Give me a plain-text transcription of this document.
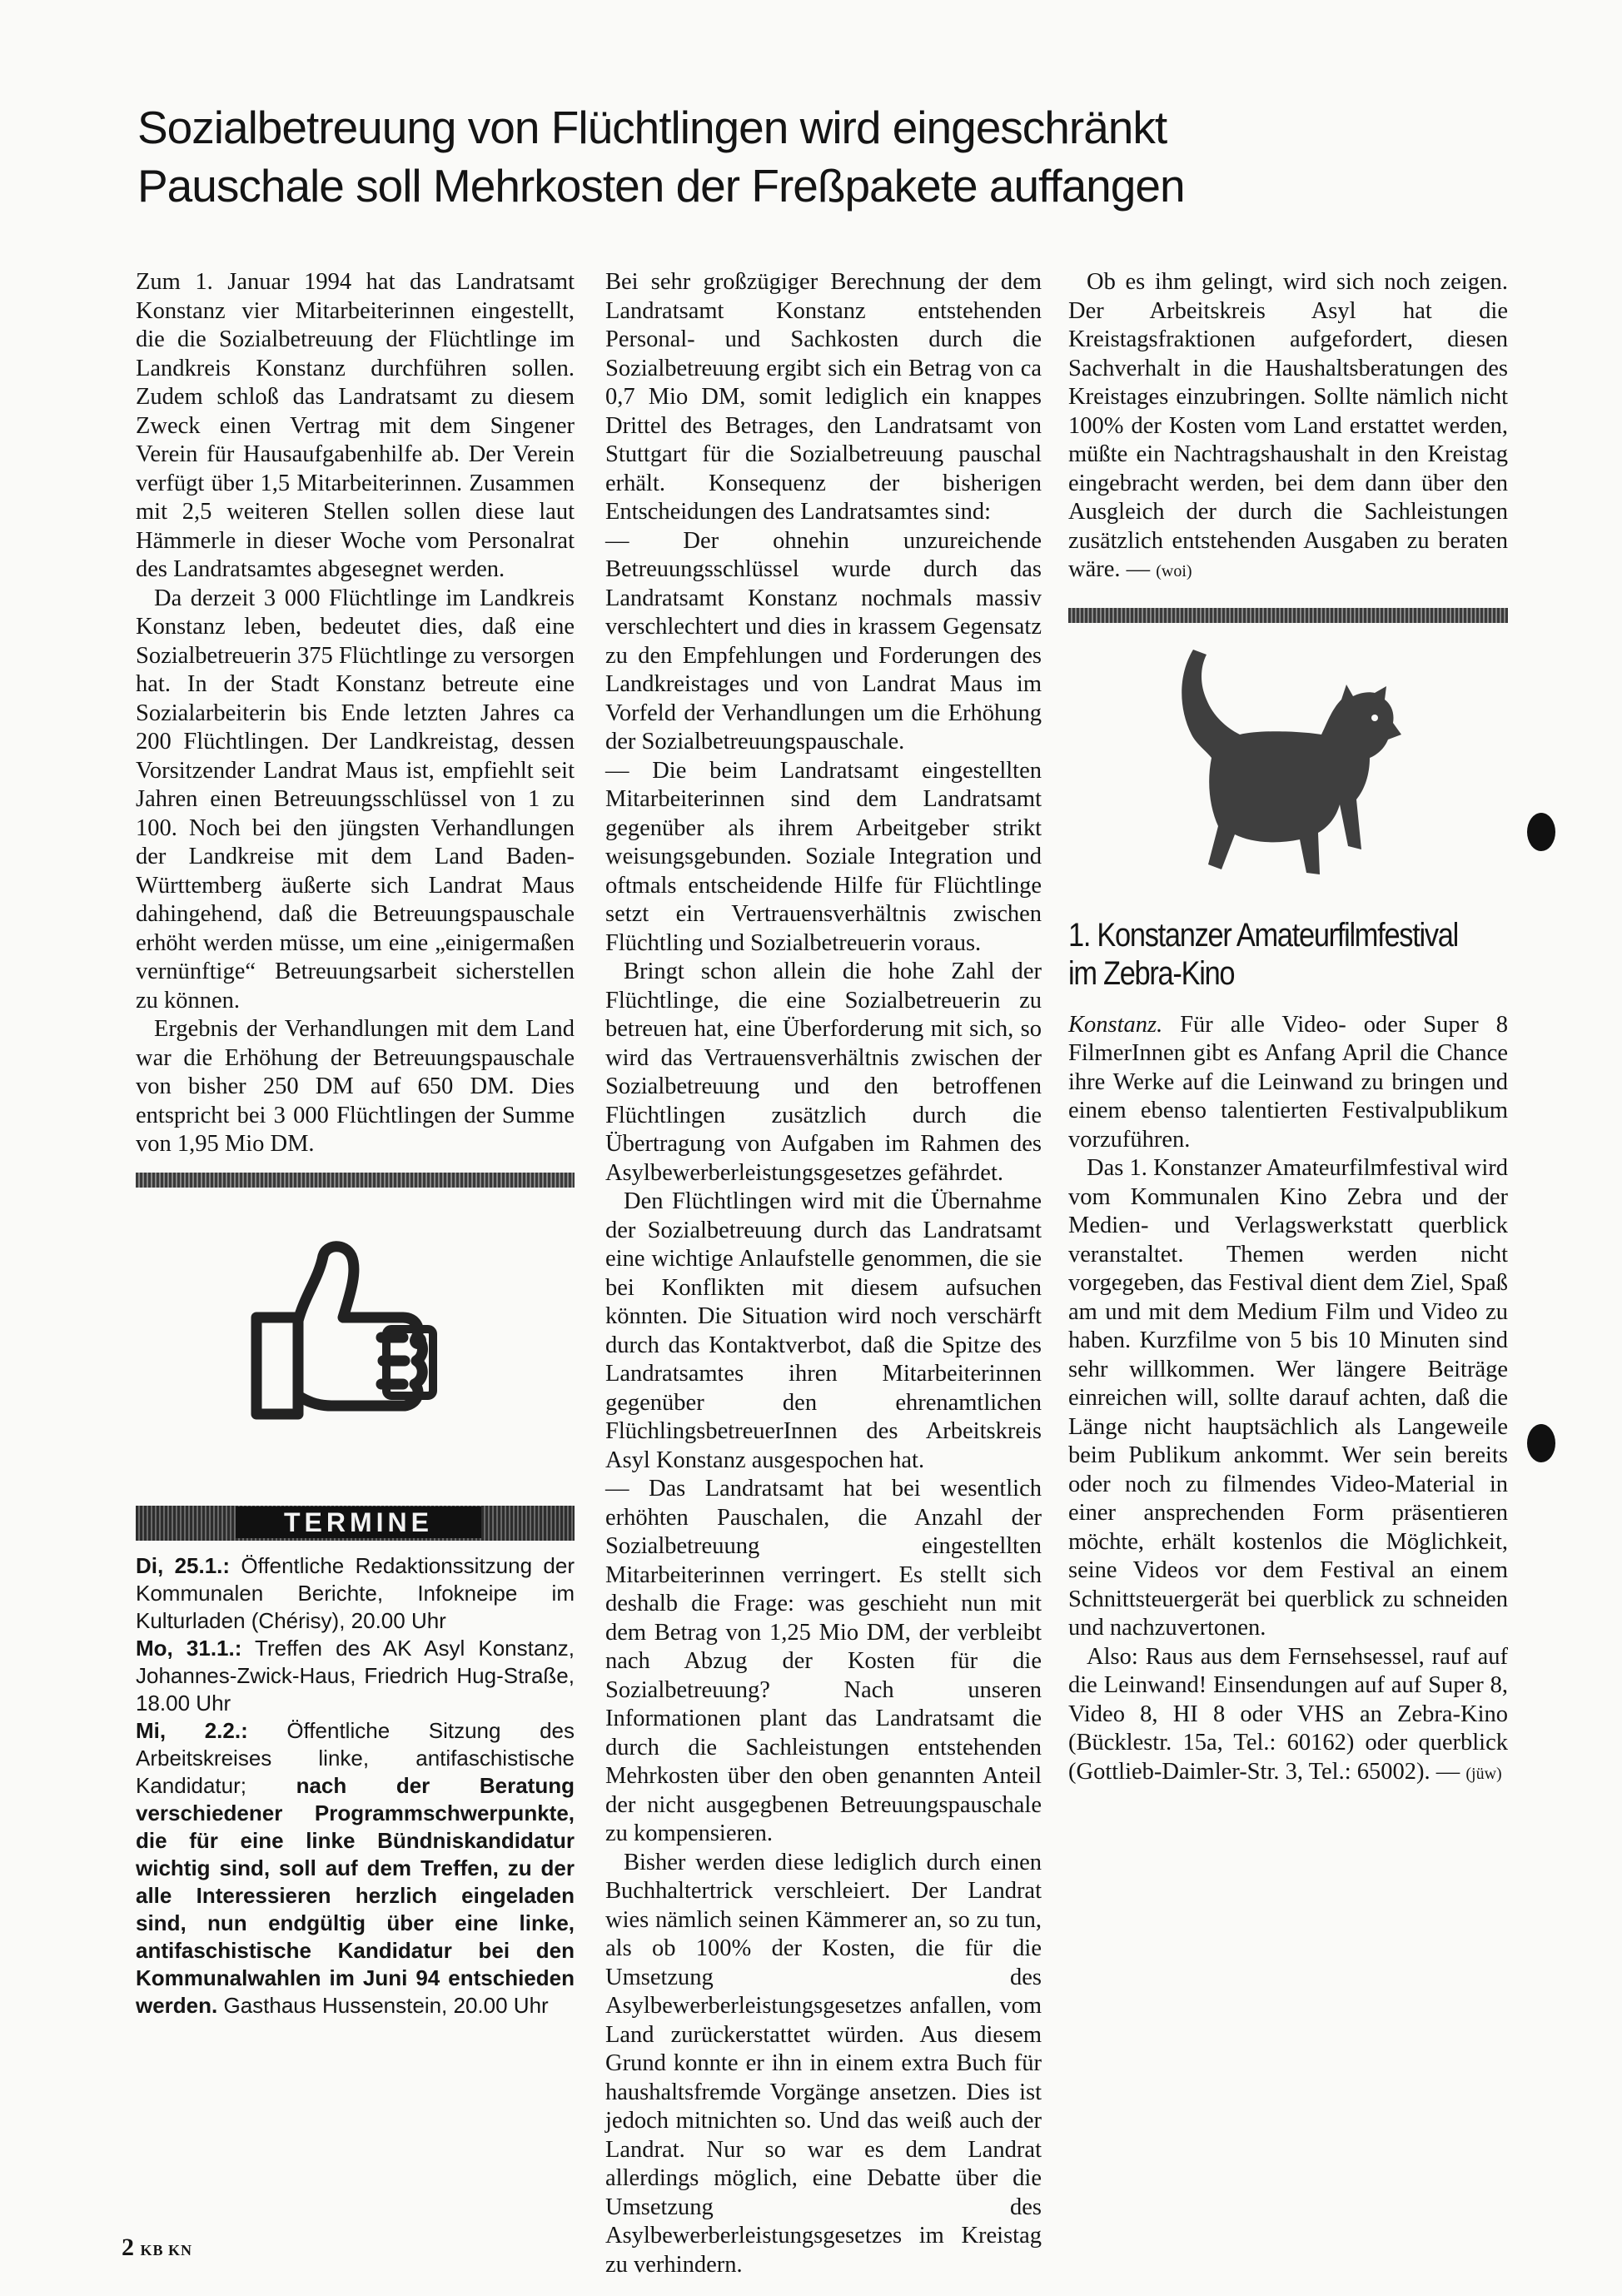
Sozialbetreuung von Flüchtlingen wird eingeschränkt
Pauschale soll Mehrkosten der Freßpakete auffangen

Zum 1. Januar 1994 hat das Landratsamt Konstanz vier Mitarbeiterinnen eingestellt, die die Sozialbetreuung der Flüchtlinge im Landkreis Konstanz durchführen sollen. Zudem schloß das Landratsamt zu diesem Zweck einen Vertrag mit dem Singener Verein für Hausaufgabenhilfe ab. Der Verein verfügt über 1,5 Mitarbeiterinnen. Zusammen mit 2,5 weiteren Stellen sollen diese laut Hämmerle in dieser Woche vom Personalrat des Landratsamtes abgesegnet werden.

Da derzeit 3 000 Flüchtlinge im Landkreis Konstanz leben, bedeutet dies, daß eine Sozialbetreuerin 375 Flüchtlinge zu versorgen hat. In der Stadt Konstanz betreute eine Sozialarbeiterin bis Ende letzten Jahres ca 200 Flüchtlingen. Der Landkreistag, dessen Vorsitzender Landrat Maus ist, empfiehlt seit Jahren einen Betreuungsschlüssel von 1 zu 100. Noch bei den jüngsten Verhandlungen der Landkreise mit dem Land Baden-Württemberg äußerte sich Landrat Maus dahingehend, daß die Betreuungspauschale erhöht werden müsse, um eine „einigermaßen vernünftige“ Betreuungsarbeit sicherstellen zu können.

Ergebnis der Verhandlungen mit dem Land war die Erhöhung der Betreuungspauschale von bisher 250 DM auf 650 DM. Dies entspricht bei 3 000 Flüchtlingen der Summe von 1,95 Mio DM.

TERMINE

Di, 25.1.: Öffentliche Redaktionssitzung der Kommunalen Berichte, Infokneipe im Kulturladen (Chérisy), 20.00 Uhr

Mo, 31.1.: Treffen des AK Asyl Konstanz, Johannes-Zwick-Haus, Friedrich Hug-Straße, 18.00 Uhr

Mi, 2.2.: Öffentliche Sitzung des Arbeitskreises linke, antifaschistische Kandidatur; nach der Beratung verschiedener Programmschwerpunkte, die für eine linke Bündniskandidatur wichtig sind, soll auf dem Treffen, zu der alle Interessieren herzlich eingeladen sind, nun endgültig über eine linke, antifaschistische Kandidatur bei den Kommunalwahlen im Juni 94 entschieden werden. Gasthaus Hussenstein, 20.00 Uhr

Bei sehr großzügiger Berechnung der dem Landratsamt Konstanz entstehenden Personal- und Sachkosten durch die Sozialbetreuung ergibt sich ein Betrag von ca 0,7 Mio DM, somit lediglich ein knappes Drittel des Betrages, den Landratsamt von Stuttgart für die Sozialbetreuung pauschal erhält. Konsequenz der bisherigen Entscheidungen des Landratsamtes sind:

— Der ohnehin unzureichende Betreuungsschlüssel wurde durch das Landratsamt Konstanz nochmals massiv verschlechtert und dies in krassem Gegensatz zu den Empfehlungen und Forderungen des Landkreistages und von Landrat Maus im Vorfeld der Verhandlungen um die Erhöhung der Sozialbetreuungspauschale.

— Die beim Landratsamt eingestellten Mitarbeiterinnen sind dem Landratsamt gegenüber als ihrem Arbeitgeber strikt weisungsgebunden. Soziale Integration und oftmals entscheidende Hilfe für Flüchtlinge setzt ein Vertrauensverhältnis zwischen Flüchtling und Sozialbetreuerin voraus.

Bringt schon allein die hohe Zahl der Flüchtlinge, die eine Sozialbetreuerin zu betreuen hat, eine Überforderung mit sich, so wird das Vertrauensverhältnis zwischen der Sozialbetreuung und den betroffenen Flüchtlingen zusätzlich durch die Übertragung von Aufgaben im Rahmen des Asylbewerberleistungsgesetzes gefährdet.

Den Flüchtlingen wird mit die Übernahme der Sozialbetreuung durch das Landratsamt eine wichtige Anlaufstelle genommen, die sie bei Konflikten mit diesem aufsuchen könnten. Die Situation wird noch verschärft durch das Kontaktverbot, daß die Spitze des Landratsamtes ihren Mitarbeiterinnen gegenüber den ehrenamtlichen FlüchlingsbetreuerInnen des Arbeitskreis Asyl Konstanz ausgespochen hat.

— Das Landratsamt hat bei wesentlich erhöhten Pauschalen, die Anzahl der Sozialbetreuung eingestellten Mitarbeiterinnen verringert. Es stellt sich deshalb die Frage: was geschieht nun mit dem Betrag von 1,25 Mio DM, der verbleibt nach Abzug der Kosten für die Sozialbetreuung? Nach unseren Informationen plant das Landratsamt die durch die Sachleistungen entstehenden Mehrkosten über den oben genannten Anteil der nicht ausgegbenen Betreuungspauschale zu kompensieren.

Bisher werden diese lediglich durch einen Buchhaltertrick verschleiert. Der Landrat wies nämlich seinen Kämmerer an, so zu tun, als ob 100% der Kosten, die für die Umsetzung des Asylbewerberleistungsgesetzes anfallen, vom Land zurückerstattet würden. Aus diesem Grund konnte er ihn in einem extra Buch für haushaltsfremde Vorgänge ansetzen. Dies ist jedoch mitnichten so. Und das weiß auch der Landrat. Nur so war es dem Landrat allerdings möglich, eine Debatte über die Umsetzung des Asylbewerberleistungsgesetzes im Kreistag zu verhindern.

Ob es ihm gelingt, wird sich noch zeigen. Der Arbeitskreis Asyl hat die Kreistagsfraktionen aufgefordert, diesen Sachverhalt in die Haushaltsberatungen des Kreistages einzubringen. Sollte nämlich nicht 100% der Kosten vom Land erstattet werden, müßte ein Nachtragshaushalt in den Kreistag eingebracht werden, bei dem dann über den Ausgleich der durch die Sachleistungen zusätzlich entstehenden Ausgaben zu beraten wäre. — (woi)

1. Konstanzer Amateurfilmfestival
im Zebra-Kino

Konstanz. Für alle Video- oder Super 8 FilmerInnen gibt es Anfang April die Chance ihre Werke auf die Leinwand zu bringen und einem ebenso talentierten Festivalpublikum vorzuführen.

Das 1. Konstanzer Amateurfilmfestival wird vom Kommunalen Kino Zebra und der Medien- und Verlagswerkstatt querblick veranstaltet. Themen werden nicht vorgegeben, das Festival dient dem Ziel, Spaß am und mit dem Medium Film und Video zu haben. Kurzfilme von 5 bis 10 Minuten sind sehr willkommen. Wer längere Beiträge einreichen will, sollte darauf achten, daß die Länge nicht hauptsächlich als Langeweile beim Publikum ankommt. Wer sein bereits oder noch zu filmendes Video-Material in einer ansprechenden Form präsentieren möchte, erhält kostenlos die Möglichkeit, seine Videos vor dem Festival an einem Schnittsteuergerät bei querblick zu schneiden und nachzuvertonen.

Also: Raus aus dem Fernsehsessel, rauf auf die Leinwand! Einsendungen auf auf Super 8, Video 8, HI 8 oder VHS an Zebra-Kino (Bücklestr. 15a, Tel.: 60162) oder querblick (Gottlieb-Daimler-Str. 3, Tel.: 65002). — (jüw)

2 KB KN
